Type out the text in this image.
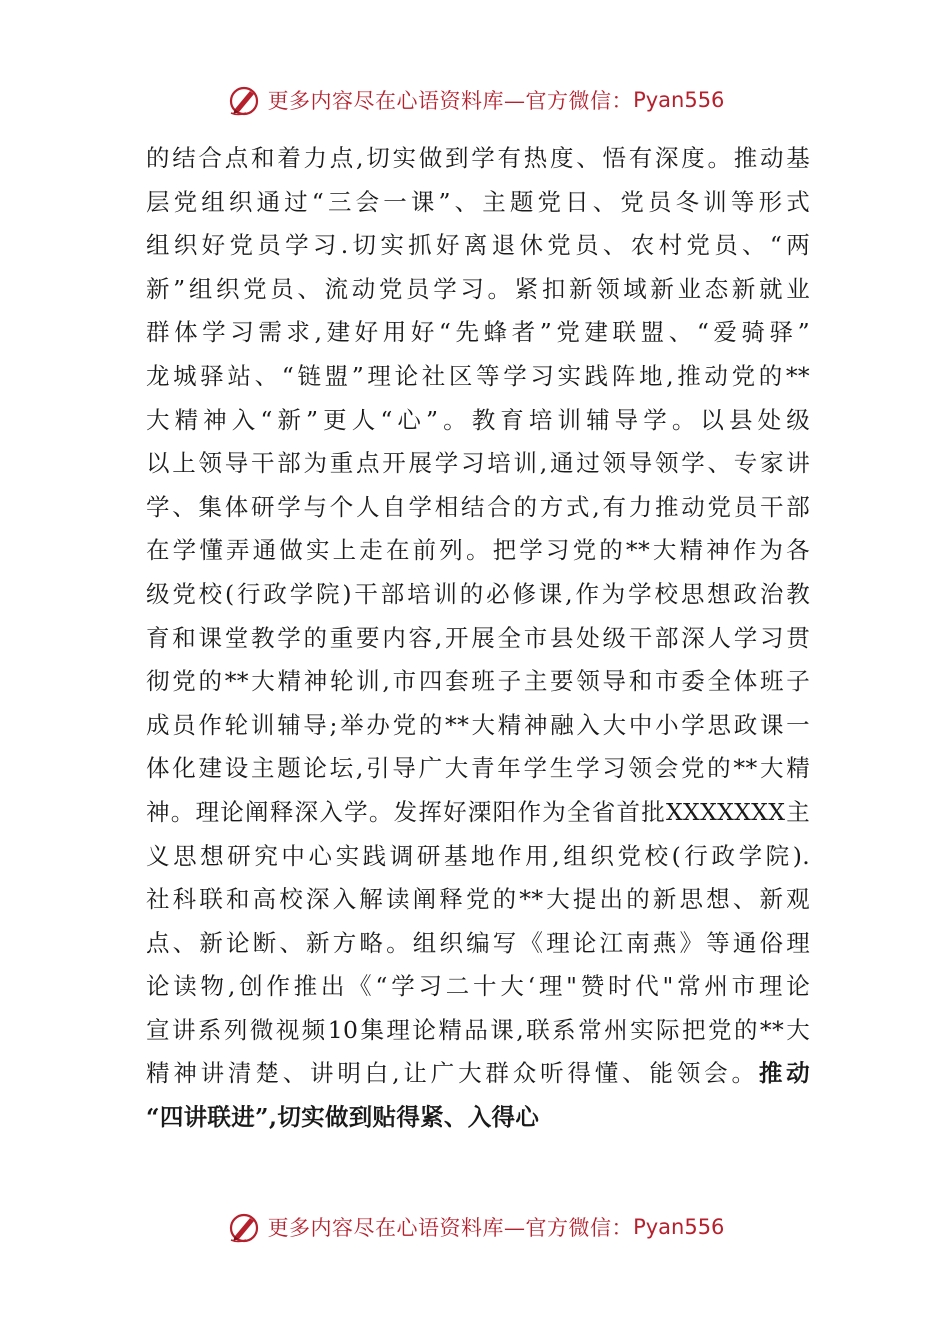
更多内容尽在心语资料库—官方微信： Pyan556
的结合点和着力点,切实做到学有热度、悟有深度。推动基
层党组织通过“三会一课”、主题党日、党员冬训等形式
组织好党员学习.切实抓好离退休党员、农村党员、“两
新”组织党员、流动党员学习。紧扣新领域新业态新就业
群体学习需求,建好用好“先蜂者”党建联盟、“爱骑驿”
龙城驿站、“链盟”理论社区等学习实践阵地,推动党的**
大精神入“新”更人“心”。教育培训辅导学。以县处级
以上领导干部为重点开展学习培训,通过领导领学、专家讲
学、集体研学与个人自学相结合的方式,有力推动党员干部
在学懂弄通做实上走在前列。把学习党的**大精神作为各
级党校(行政学院)干部培训的必修课,作为学校思想政治教
育和课堂教学的重要内容,开展全市县处级干部深人学习贯
彻党的**大精神轮训,市四套班子主要领导和市委全体班子
成员作轮训辅导;举办党的**大精神融入大中小学思政课一
体化建设主题论坛,引导广大青年学生学习领会党的**大精
神。理论阐释深入学。发挥好溧阳作为全省首批XXXXXXX主
义思想研究中心实践调研基地作用,组织党校(行政学院).
社科联和高校深入解读阐释党的**大提出的新思想、新观
点、新论断、新方略。组织编写《理论江南燕》等通俗理
论读物,创作推出《“学习二十大‘理"赞时代"常州市理论
宣讲系列微视频10集理论精品课,联系常州实际把党的**大
精神讲清楚、讲明白,让广大群众听得懂、能领会。推动
“四讲联进”,切实做到贴得紧、入得心
更多内容尽在心语资料库—官方微信： Pyan556
